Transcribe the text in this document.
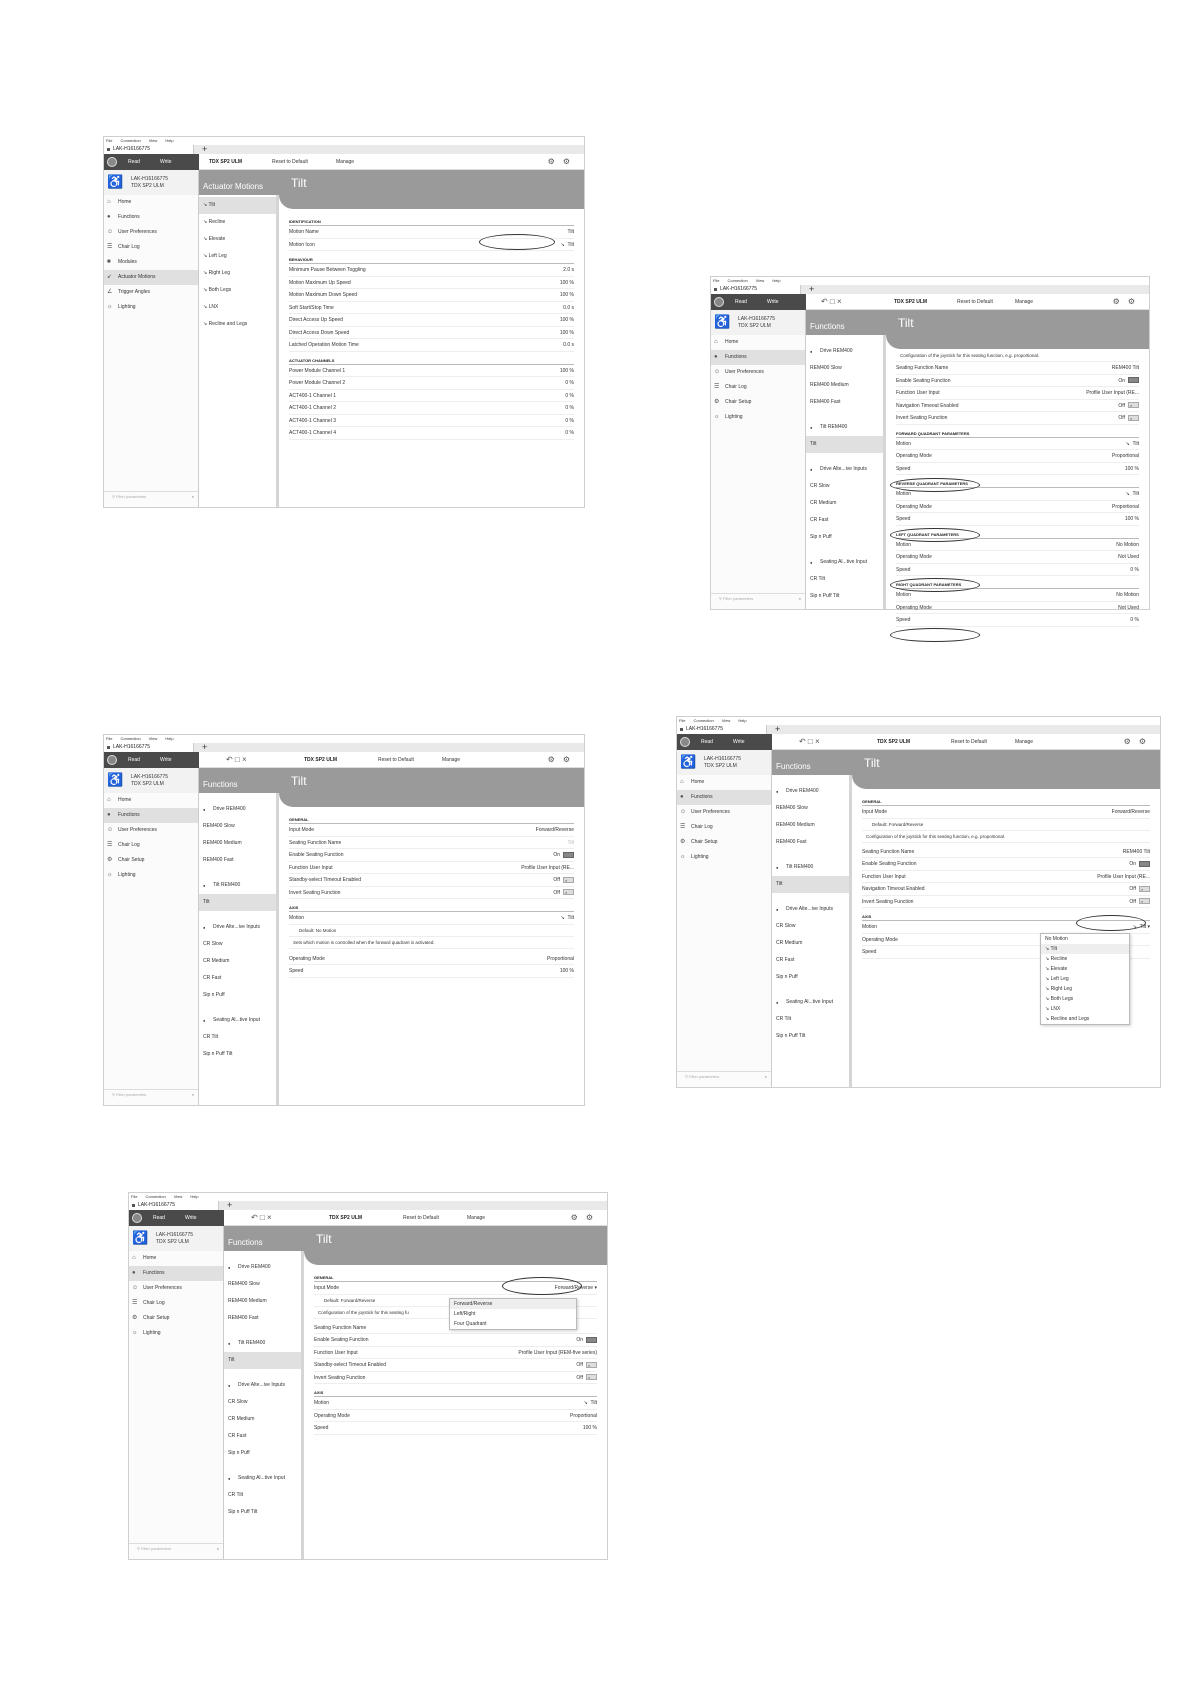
File Connection View Help
LAK-H16166775	+
Read	Write	TDX SP2 ULM	Reset to Default	Manage	⚙⚙
♿ LAK-H16166775
TDX SP2 ULM	Actuator Motions	Tilt
⌂ Home
● Functions
☺ User Preferences
☰ Chair Log
■ Modules
↙ Actuator Motions
∠ Trigger Angles
☼ Lighting
⚲ Filter parameters	×
↘ Tilt
↘ Recline
↘ Elevate
↘ Left Leg
↘ Right Leg
↘ Both Legs
↘ LNX
↘ Recline and Legs
IDENTIFICATION
Motion Name	Tilt
Motion Icon	↘  Tilt
BEHAVIOUR
Minimum Pause Between Toggling	2.0 s
Motion Maximum Up Speed	100 %
Motion Maximum Down Speed	100 %
Soft Start/Stop Time	0.0 s
Direct Access Up Speed	100 %
Direct Access Down Speed	100 %
Latched Operation Motion Time	0.0 s
ACTUATOR CHANNELS
Power Module Channel 1	100 %
Power Module Channel 2	0 %
ACT400-1 Channel 1	0 %
ACT400-1 Channel 2	0 %
ACT400-1 Channel 3	0 %
ACT400-1 Channel 4	0 %
File Connection View Help
LAK-H16166775	+
Read	Write	↶ □ ×	TDX SP2 ULM	Reset to Default	Manage	⚙⚙
♿ LAK-H16166775
TDX SP2 ULM	Functions	Tilt
⌂ Home
● Functions
☺ User Preferences
☰ Chair Log
⚙ Chair Setup
☼ Lighting
⚲ Filter parameters	×
● Drive REM400
REM400 Slow
REM400 Medium
REM400 Fast
● Tilt REM400
Tilt
● Drive Alte...ive Inputs
CR Slow
CR Medium
CR Fast
Sip n Puff
● Seating Al...tive Input
CR Tilt
Sip n Puff Tilt
Configuration of the joystick for this seating function, e.g. proportional.
Seating Function Name	REM400 Tilt
Enable Seating Function	On
Function User Input	Profile User Input (RE...
Navigation Timeout Enabled	Off ×
Invert Seating Function	Off ×
FORWARD QUADRANT PARAMETERS
Motion	↘  Tilt
Operating Mode	Proportional
Speed	100 %
REVERSE QUADRANT PARAMETERS
Motion	↘  Tilt
Operating Mode	Proportional
Speed	100 %
LEFT QUADRANT PARAMETERS
Motion	No Motion
Operating Mode	Not Used
Speed	0 %
RIGHT QUADRANT PARAMETERS
Motion	No Motion
Operating Mode	Not Used
Speed	0 %
File Connection View Help
LAK-H16166775	+
Read	Write	↶ □ ×	TDX SP2 ULM	Reset to Default	Manage	⚙⚙
♿ LAK-H16166775
TDX SP2 ULM	Functions	Tilt
⌂ Home
● Functions
☺ User Preferences
☰ Chair Log
⚙ Chair Setup
☼ Lighting
⚲ Filter parameters	×
● Drive REM400
REM400 Slow
REM400 Medium
REM400 Fast
● Tilt REM400
Tilt
● Drive Alte...ive Inputs
CR Slow
CR Medium
CR Fast
Sip n Puff
● Seating Al...tive Input
CR Tilt
Sip n Puff Tilt
GENERAL
Input Mode	Forward/Reverse
Seating Function Name	Tilt
Enable Seating Function	On
Function User Input	Profile User Input (RE...
Standby-select Timeout Enabled	Off ×
Invert Seating Function	Off ×
AXIS
Motion	↘  Tilt
Default: No Motion
Sets which motion is controlled when the forward quadrant is activated.
Operating Mode	Proportional
Speed	100 %
File Connection View Help
LAK-H16166775	+
Read	Write	↶ □ ×	TDX SP2 ULM	Reset to Default	Manage	⚙⚙
♿ LAK-H16166775
TDX SP2 ULM	Functions	Tilt
⌂ Home
● Functions
☺ User Preferences
☰ Chair Log
⚙ Chair Setup
☼ Lighting
⚲ Filter parameters	×
● Drive REM400
REM400 Slow
REM400 Medium
REM400 Fast
● Tilt REM400
Tilt
● Drive Alte...ive Inputs
CR Slow
CR Medium
CR Fast
Sip n Puff
● Seating Al...tive Input
CR Tilt
Sip n Puff Tilt
GENERAL
Input Mode	Forward/Reverse
Default: Forward/Reverse
Configuration of the joystick for this seating function, e.g. proportional.
Seating Function Name	REM400 Tilt
Enable Seating Function	On
Function User Input	Profile User Input (RE...
Navigation Timeout Enabled	Off ×
Invert Seating Function	Off ×
AXIS
Motion	↘  Tilt ▾
Operating Mode
Speed
No Motion
↘ Tilt
↘ Recline
↘ Elevate
↘ Left Leg
↘ Right Leg
↘ Both Legs
↘ LNX
↘ Recline and Legs
File Connection View Help
LAK-H16166775	+
Read	Write	↶ □ ×	TDX SP2 ULM	Reset to Default	Manage	⚙⚙
♿ LAK-H16166775
TDX SP2 ULM	Functions	Tilt
⌂ Home
● Functions
☺ User Preferences
☰ Chair Log
⚙ Chair Setup
☼ Lighting
⚲ Filter parameters	×
● Drive REM400
REM400 Slow
REM400 Medium
REM400 Fast
● Tilt REM400
Tilt
● Drive Alte...ive Inputs
CR Slow
CR Medium
CR Fast
Sip n Puff
● Seating Al...tive Input
CR Tilt
Sip n Puff Tilt
GENERAL
Input Mode	Forward/Reverse ▾
Default: Forward/Reverse
Configuration of the joystick for this seating fu
Seating Function Name
Enable Seating Function	On
Function User Input	Profile User Input (REM-five series)
Standby-select Timeout Enabled	Off ×
Invert Seating Function	Off ×
AXIS
Motion	↘  Tilt
Operating Mode	Proportional
Speed	100 %
Forward/Reverse
Left/Right
Four Quadrant
